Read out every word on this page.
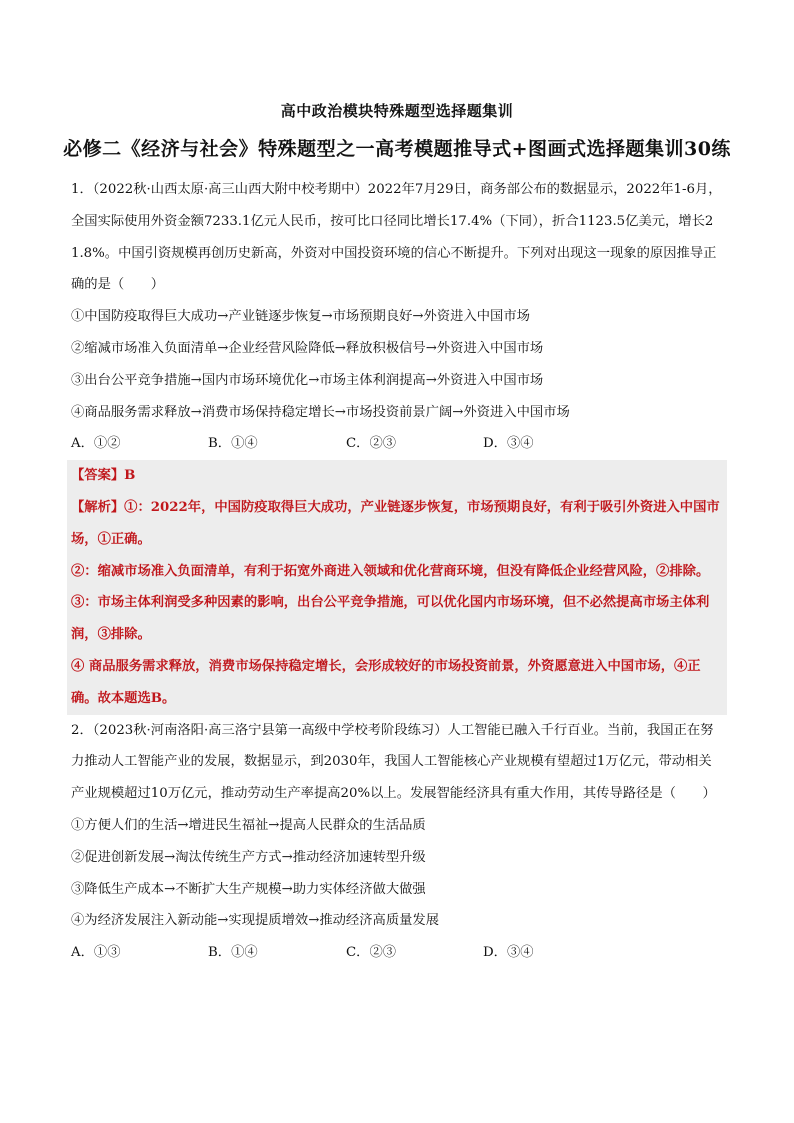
高中政治模块特殊题型选择题集训
必修二《经济与社会》特殊题型之一高考模题推导式+图画式选择题集训30练

1．（2022秋·山西太原·高三山西大附中校考期中）2022年7月29日，商务部公布的数据显示，2022年1-6月，全国实际使用外资金额7233.1亿元人民币，按可比口径同比增长17.4%（下同），折合1123.5亿美元，增长21.8%。中国引资规模再创历史新高，外资对中国投资环境的信心不断提升。下列对出现这一现象的原因推导正确的是（　　）

①中国防疫取得巨大成功→产业链逐步恢复→市场预期良好→外资进入中国市场

②缩减市场准入负面清单→企业经营风险降低→释放积极信号→外资进入中国市场

③出台公平竞争措施→国内市场环境优化→市场主体利润提高→外资进入中国市场

④商品服务需求释放→消费市场保持稳定增长→市场投资前景广阔→外资进入中国市场

A．①②	B．①④	C．②③	D．③④

【答案】B

【解析】①：2022年，中国防疫取得巨大成功，产业链逐步恢复，市场预期良好，有利于吸引外资进入中国市场，①正确。

②：缩减市场准入负面清单，有利于拓宽外商进入领域和优化营商环境，但没有降低企业经营风险，②排除。

③：市场主体利润受多种因素的影响，出台公平竞争措施，可以优化国内市场环境，但不必然提高市场主体利润，③排除。

④ 商品服务需求释放，消费市场保持稳定增长，会形成较好的市场投资前景，外资愿意进入中国市场，④正确。故本题选B。

2．（2023秋·河南洛阳·高三洛宁县第一高级中学校考阶段练习）人工智能已融入千行百业。当前，我国正在努力推动人工智能产业的发展，数据显示，到2030年，我国人工智能核心产业规模有望超过1万亿元，带动相关产业规模超过10万亿元，推动劳动生产率提高20%以上。发展智能经济具有重大作用，其传导路径是（　　）

①方便人们的生活→增进民生福祉→提高人民群众的生活品质

②促进创新发展→淘汰传统生产方式→推动经济加速转型升级

③降低生产成本→不断扩大生产规模→助力实体经济做大做强

④为经济发展注入新动能→实现提质增效→推动经济高质量发展

A．①③	B．①④	C．②③	D．③④
